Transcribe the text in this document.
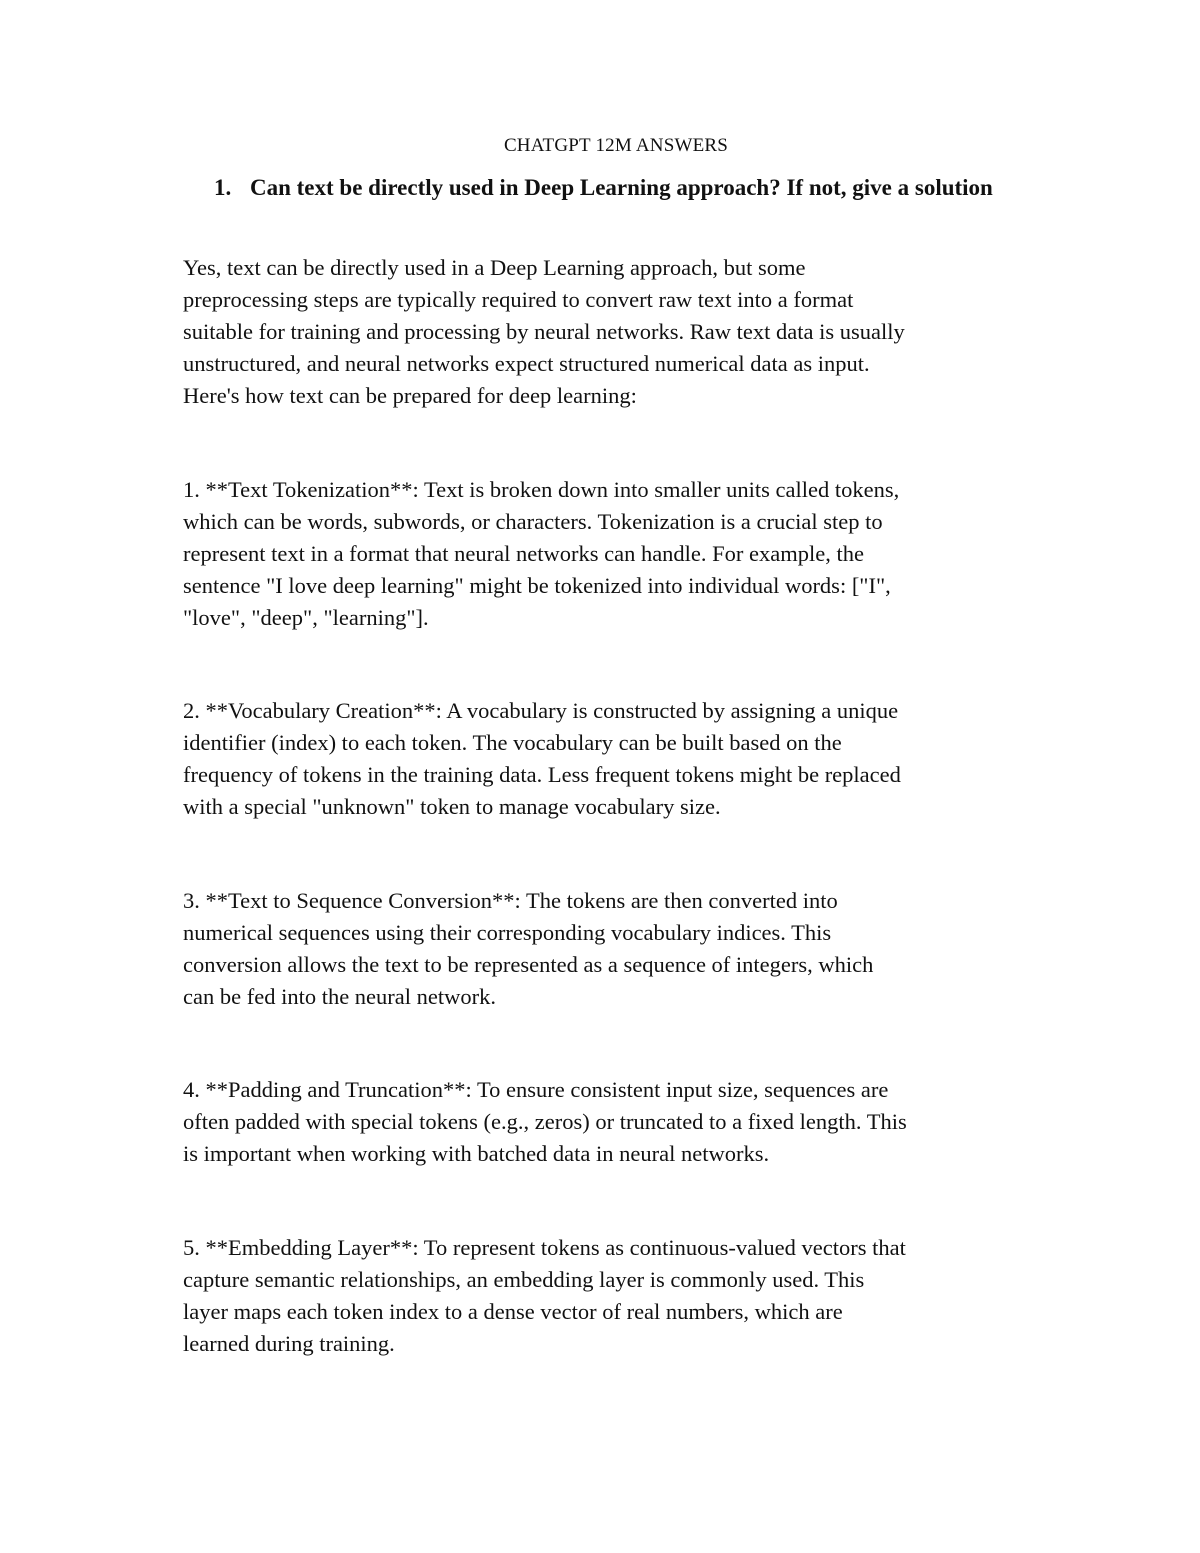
CHATGPT 12M ANSWERS
1. Can text be directly used in Deep Learning approach? If not, give a solution
Yes, text can be directly used in a Deep Learning approach, but some
preprocessing steps are typically required to convert raw text into a format
suitable for training and processing by neural networks. Raw text data is usually
unstructured, and neural networks expect structured numerical data as input.
Here's how text can be prepared for deep learning:
1. **Text Tokenization**: Text is broken down into smaller units called tokens,
which can be words, subwords, or characters. Tokenization is a crucial step to
represent text in a format that neural networks can handle. For example, the
sentence "I love deep learning" might be tokenized into individual words: ["I",
"love", "deep", "learning"].
2. **Vocabulary Creation**: A vocabulary is constructed by assigning a unique
identifier (index) to each token. The vocabulary can be built based on the
frequency of tokens in the training data. Less frequent tokens might be replaced
with a special "unknown" token to manage vocabulary size.
3. **Text to Sequence Conversion**: The tokens are then converted into
numerical sequences using their corresponding vocabulary indices. This
conversion allows the text to be represented as a sequence of integers, which
can be fed into the neural network.
4. **Padding and Truncation**: To ensure consistent input size, sequences are
often padded with special tokens (e.g., zeros) or truncated to a fixed length. This
is important when working with batched data in neural networks.
5. **Embedding Layer**: To represent tokens as continuous-valued vectors that
capture semantic relationships, an embedding layer is commonly used. This
layer maps each token index to a dense vector of real numbers, which are
learned during training.
